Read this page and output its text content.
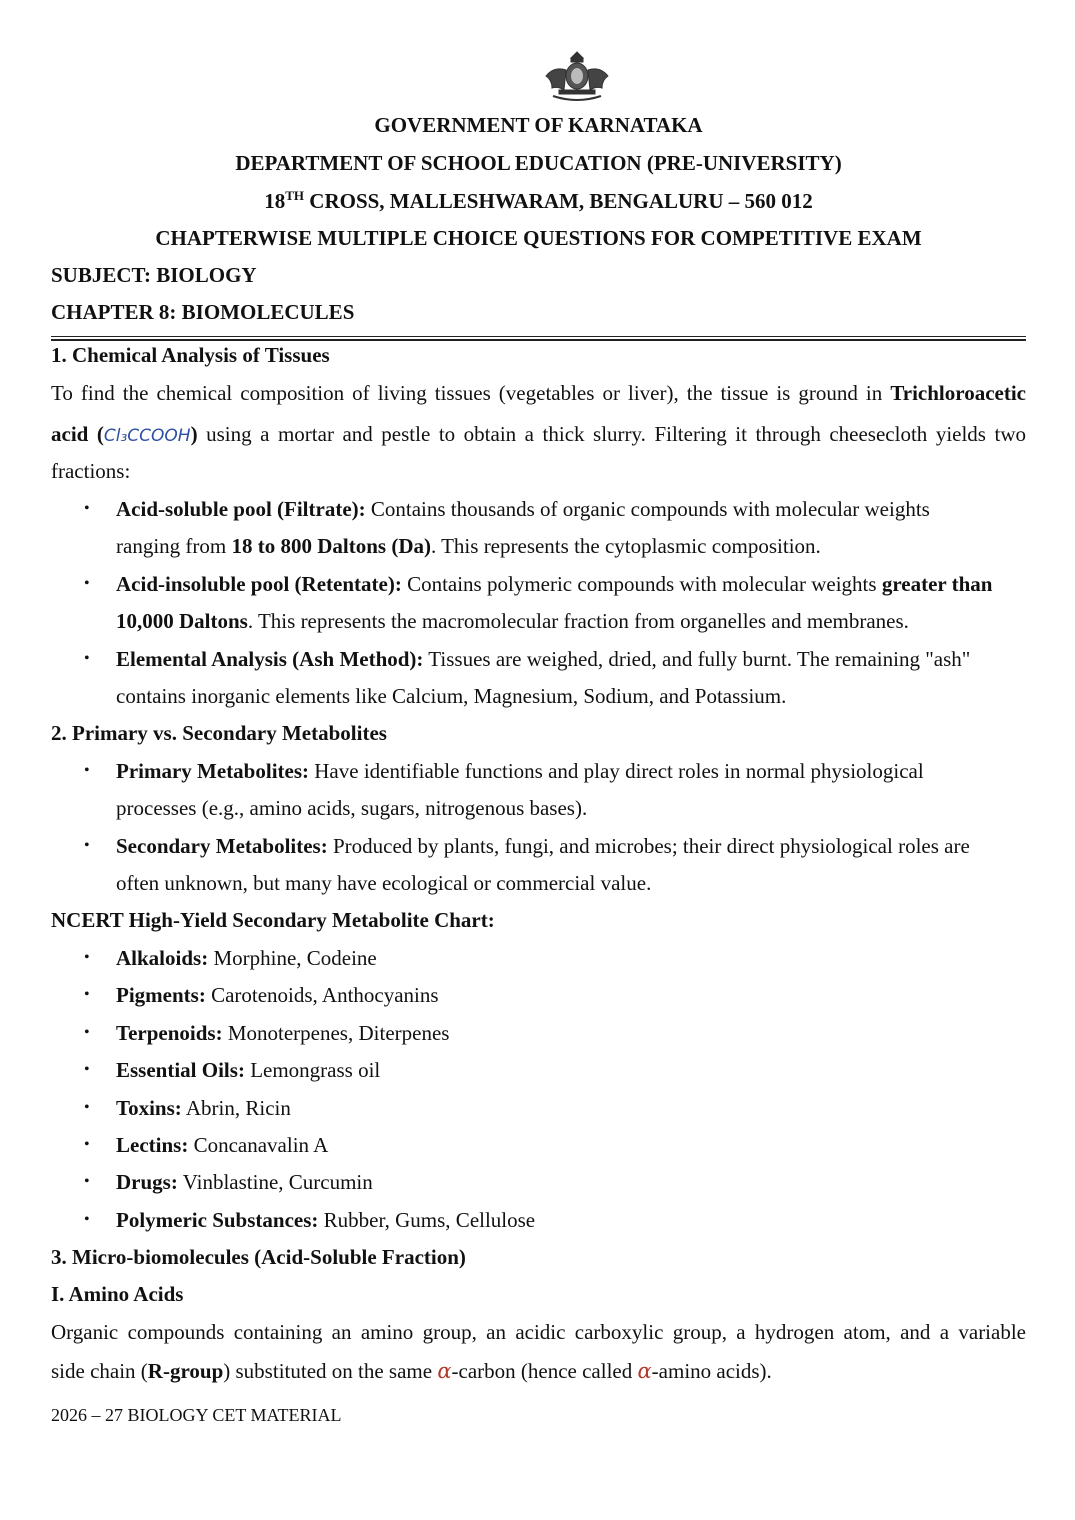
GOVERNMENT OF KARNATAKA
DEPARTMENT OF SCHOOL EDUCATION (PRE-UNIVERSITY)
18TH CROSS, MALLESHWARAM, BENGALURU – 560 012
CHAPTERWISE MULTIPLE CHOICE QUESTIONS FOR COMPETITIVE EXAM
SUBJECT: BIOLOGY
CHAPTER 8: BIOMOLECULES
1. Chemical Analysis of Tissues
To find the chemical composition of living tissues (vegetables or liver), the tissue is ground in Trichloroacetic
acid (Cl₃CCOOH) using a mortar and pestle to obtain a thick slurry. Filtering it through cheesecloth yields two
fractions:
• Acid-soluble pool (Filtrate): Contains thousands of organic compounds with molecular weights
ranging from 18 to 800 Daltons (Da). This represents the cytoplasmic composition.
• Acid-insoluble pool (Retentate): Contains polymeric compounds with molecular weights greater than
10,000 Daltons. This represents the macromolecular fraction from organelles and membranes.
• Elemental Analysis (Ash Method): Tissues are weighed, dried, and fully burnt. The remaining "ash"
contains inorganic elements like Calcium, Magnesium, Sodium, and Potassium.
2. Primary vs. Secondary Metabolites
• Primary Metabolites: Have identifiable functions and play direct roles in normal physiological
processes (e.g., amino acids, sugars, nitrogenous bases).
• Secondary Metabolites: Produced by plants, fungi, and microbes; their direct physiological roles are
often unknown, but many have ecological or commercial value.
NCERT High-Yield Secondary Metabolite Chart:
• Alkaloids: Morphine, Codeine
• Pigments: Carotenoids, Anthocyanins
• Terpenoids: Monoterpenes, Diterpenes
• Essential Oils: Lemongrass oil
• Toxins: Abrin, Ricin
• Lectins: Concanavalin A
• Drugs: Vinblastine, Curcumin
• Polymeric Substances: Rubber, Gums, Cellulose
3. Micro-biomolecules (Acid-Soluble Fraction)
I. Amino Acids
Organic compounds containing an amino group, an acidic carboxylic group, a hydrogen atom, and a variable
side chain (R-group) substituted on the same α-carbon (hence called α-amino acids).
2026 – 27 BIOLOGY CET MATERIAL
